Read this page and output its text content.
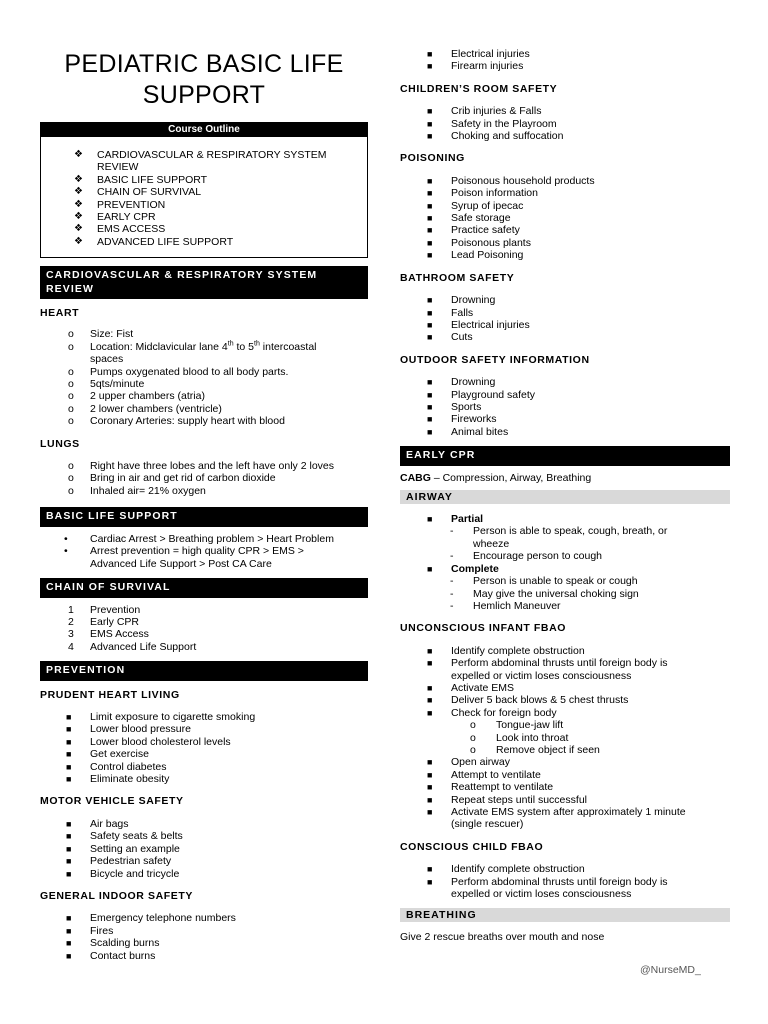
PEDIATRIC BASIC LIFE SUPPORT
Course Outline
❖ CARDIOVASCULAR & RESPIRATORY SYSTEM REVIEW
❖ BASIC LIFE SUPPORT
❖ CHAIN OF SURVIVAL
❖ PREVENTION
❖ EARLY CPR
❖ EMS ACCESS
❖ ADVANCED LIFE SUPPORT
CARDIOVASCULAR & RESPIRATORY SYSTEM REVIEW
HEART
o Size: Fist
o Location: Midclavicular lane 4th to 5th intercoastal
spaces
o Pumps oxygenated blood to all body parts.
o 5qts/minute
o 2 upper chambers (atria)
o 2 lower chambers (ventricle)
o Coronary Arteries: supply heart with blood
LUNGS
o Right have three lobes and the left have only 2 loves
o Bring in air and get rid of carbon dioxide
o Inhaled air= 21% oxygen
BASIC LIFE SUPPORT
• Cardiac Arrest > Breathing problem > Heart Problem
• Arrest prevention = high quality CPR > EMS >
Advanced Life Support > Post CA Care
CHAIN OF SURVIVAL
1 Prevention
2 Early CPR
3 EMS Access
4 Advanced Life Support
PREVENTION
PRUDENT HEART LIVING
■ Limit exposure to cigarette smoking
■ Lower blood pressure
■ Lower blood cholesterol levels
■ Get exercise
■ Control diabetes
■ Eliminate obesity
MOTOR VEHICLE SAFETY
■ Air bags
■ Safety seats & belts
■ Setting an example
■ Pedestrian safety
■ Bicycle and tricycle
GENERAL INDOOR SAFETY
■ Emergency telephone numbers
■ Fires
■ Scalding burns
■ Contact burns
■ Electrical injuries
■ Firearm injuries
CHILDREN’S ROOM SAFETY
■ Crib injuries & Falls
■ Safety in the Playroom
■ Choking and suffocation
POISONING
■ Poisonous household products
■ Poison information
■ Syrup of ipecac
■ Safe storage
■ Practice safety
■ Poisonous plants
■ Lead Poisoning
BATHROOM SAFETY
■ Drowning
■ Falls
■ Electrical injuries
■ Cuts
OUTDOOR SAFETY INFORMATION
■ Drowning
■ Playground safety
■ Sports
■ Fireworks
■ Animal bites
EARLY CPR
CABG – Compression, Airway, Breathing
AIRWAY
■ Partial
- Person is able to speak, cough, breath, or
wheeze
- Encourage person to cough
■ Complete
- Person is unable to speak or cough
- May give the universal choking sign
- Hemlich Maneuver
UNCONSCIOUS INFANT FBAO
■ Identify complete obstruction
■ Perform abdominal thrusts until foreign body is
expelled or victim loses consciousness
■ Activate EMS
■ Deliver 5 back blows & 5 chest thrusts
■ Check for foreign body
o Tongue-jaw lift
o Look into throat
o Remove object if seen
■ Open airway
■ Attempt to ventilate
■ Reattempt to ventilate
■ Repeat steps until successful
■ Activate EMS system after approximately 1 minute
(single rescuer)
CONSCIOUS CHILD FBAO
■ Identify complete obstruction
■ Perform abdominal thrusts until foreign body is
expelled or victim loses consciousness
BREATHING
Give 2 rescue breaths over mouth and nose
@NurseMD_
